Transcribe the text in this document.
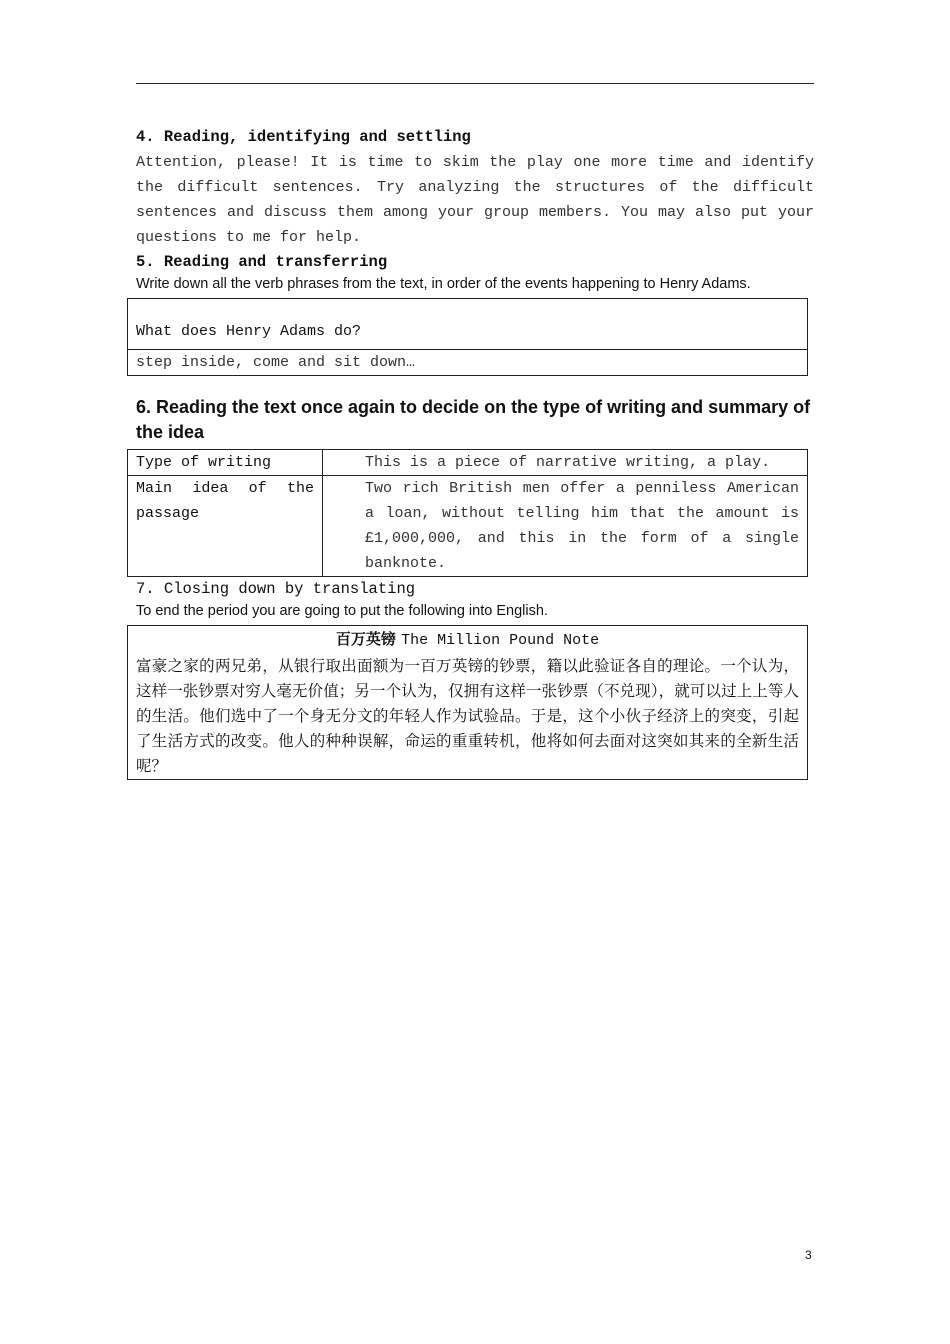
4. Reading, identifying and settling
Attention, please! It is time to skim the play one more time and identify the difficult sentences. Try analyzing the structures of the difficult sentences and discuss them among your group members. You may also put your questions to me for help.
5. Reading and transferring
Write down all the verb phrases from the text, in order of the events happening to Henry Adams.
What does Henry Adams do?

step inside, come and sit down…
6. Reading the text once again to decide on the type of writing and summary of the idea
Type of writing	This is a piece of narrative writing, a play.
Main idea of the passage	Two rich British men offer a penniless American a loan, without telling him that the amount is £1,000,000, and this in the form of a single banknote.
7. Closing down by translating
To end the period you are going to put the following into English.
百万英镑 The Million Pound Note
富豪之家的两兄弟，从银行取出面额为一百万英镑的钞票，籍以此验证各自的理论。一个认为，这样一张钞票对穷人毫无价值；另一个认为，仅拥有这样一张钞票（不兑现），就可以过上上等人的生活。他们选中了一个身无分文的年轻人作为试验品。于是，这个小伙子经济上的突变，引起了生活方式的改变。他人的种种误解，命运的重重转机，他将如何去面对这突如其来的全新生活呢？
3
